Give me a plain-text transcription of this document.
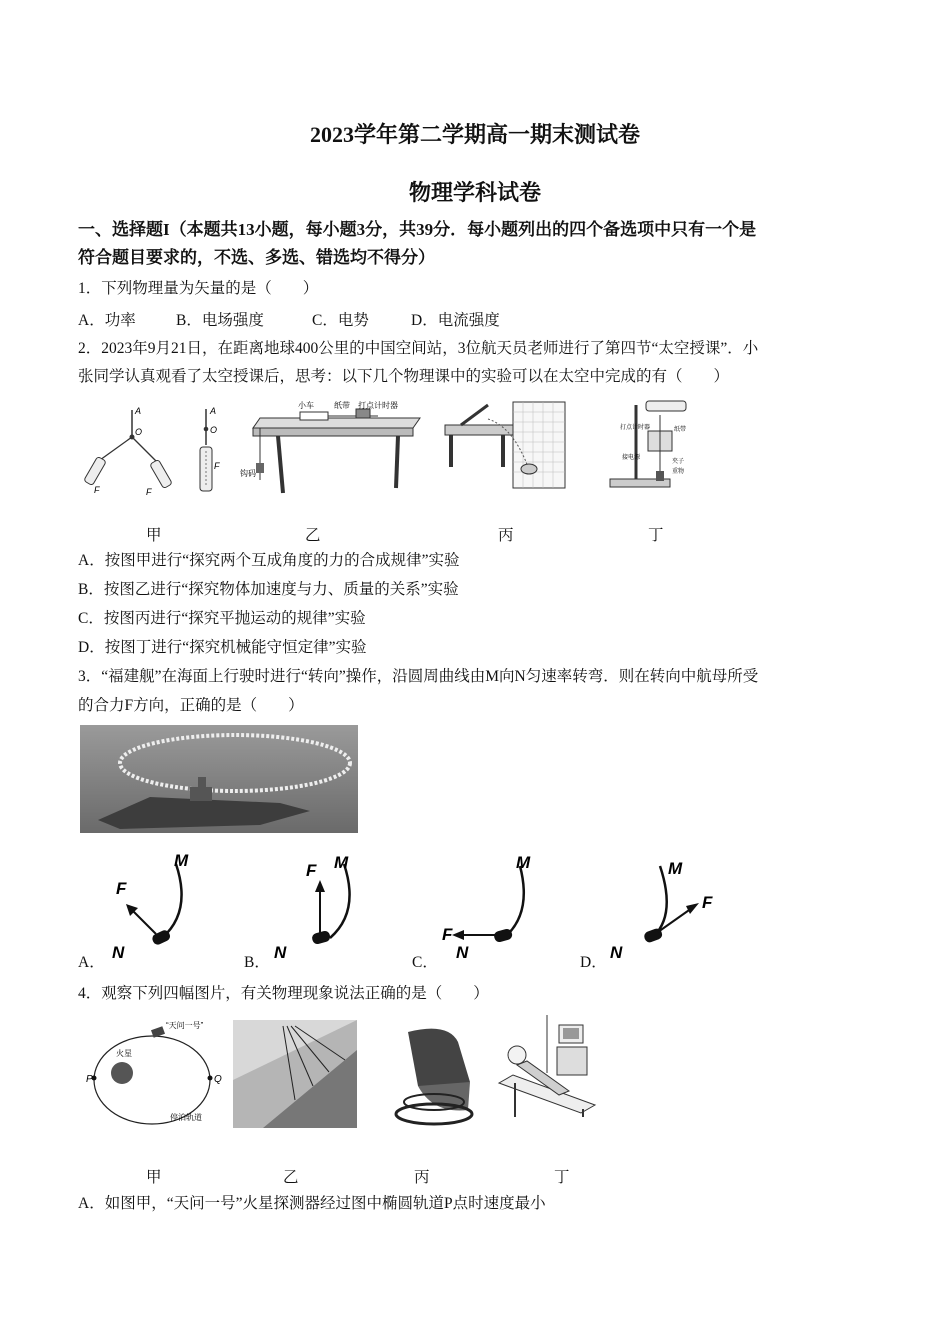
2023学年第二学期高一期末测试卷
物理学科试卷
一、选择题I（本题共13小题，每小题3分，共39分．每小题列出的四个备选项中只有一个是
符合题目要求的，不选、多选、错选均不得分）
1．下列物理量为矢量的是（　　）
A．功率	B．电场强度	C．电势	D．电流强度
2．2023年9月21日，在距离地球400公里的中国空间站，3位航天员老师进行了第四节“太空授课”．小
张同学认真观看了太空授课后，思考：以下几个物理课中的实验可以在太空中完成的有（　　）
A
O
F	F
A
O
F
小车	纸带 打点计时器
钩码
打点计时器	纸带
接电源
夹子
重物
甲	乙	丙	丁
A．按图甲进行“探究两个互成角度的力的合成规律”实验
B．按图乙进行“探究物体加速度与力、质量的关系”实验
C．按图丙进行“探究平抛运动的规律”实验
D．按图丁进行“探究机械能守恒定律”实验
3．“福建舰”在海面上行驶时进行“转向”操作，沿圆周曲线由M向N匀速率转弯．则在转向中航母所受
的合力F方向，正确的是（　　）
A．
M
N
F
B．
M
N
F
C．
M
N
F
D．
M
N
F
4．观察下列四幅图片，有关物理现象说法正确的是（　　）
“天问一号”
火星
P	Q
停泊轨道
甲	乙	丙	丁
A．如图甲，“天问一号”火星探测器经过图中椭圆轨道P点时速度最小
